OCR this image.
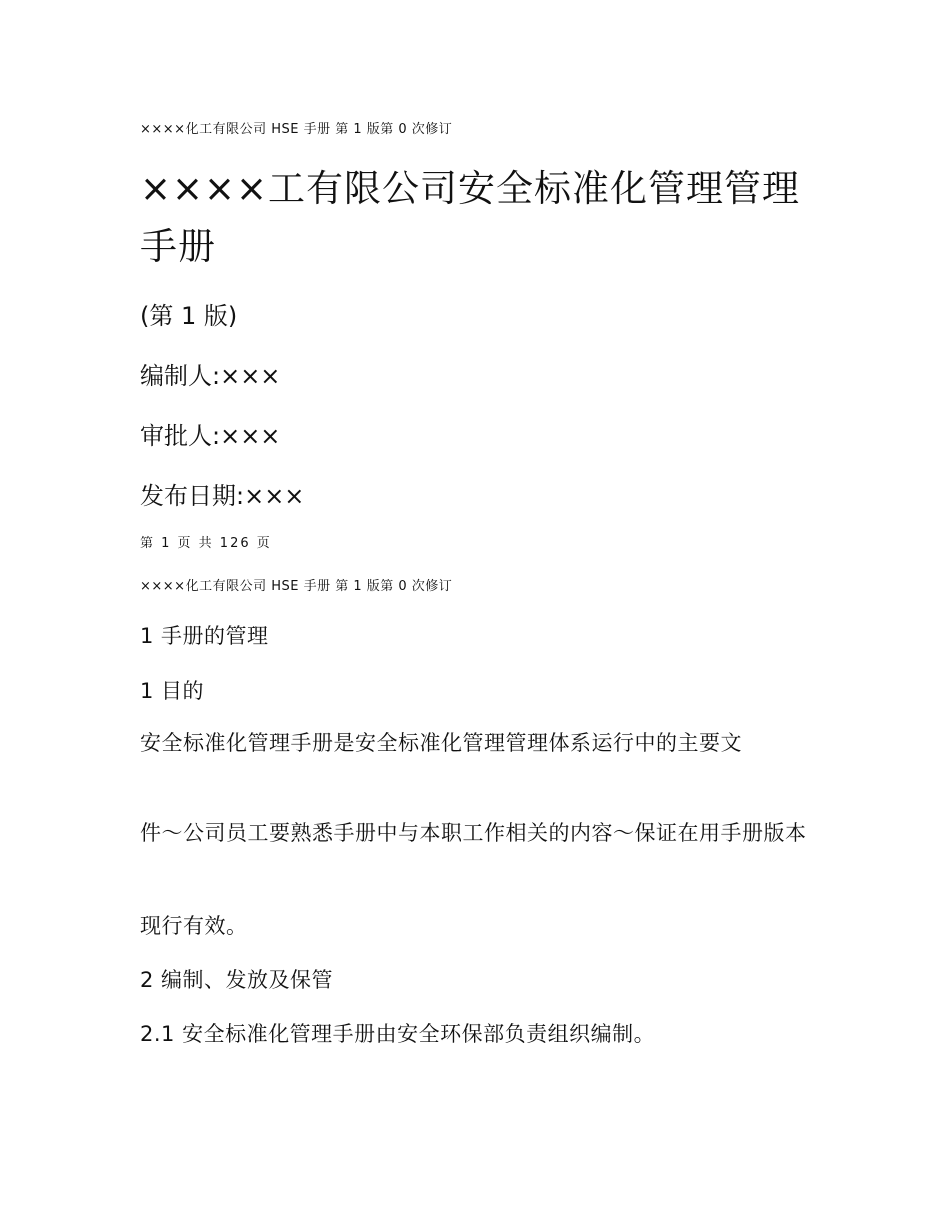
××××化工有限公司 HSE 手册 第 1 版第 0 次修订

××××工有限公司安全标准化管理管理手册

(第 1 版)

编制人:×××

审批人:×××

发布日期:×××

第 1 页 共 126 页

××××化工有限公司 HSE 手册 第 1 版第 0 次修订

1 手册的管理

1 目的

安全标准化管理手册是安全标准化管理管理体系运行中的主要文

件～公司员工要熟悉手册中与本职工作相关的内容～保证在用手册版本

现行有效。

2 编制、发放及保管

2.1 安全标准化管理手册由安全环保部负责组织编制。
